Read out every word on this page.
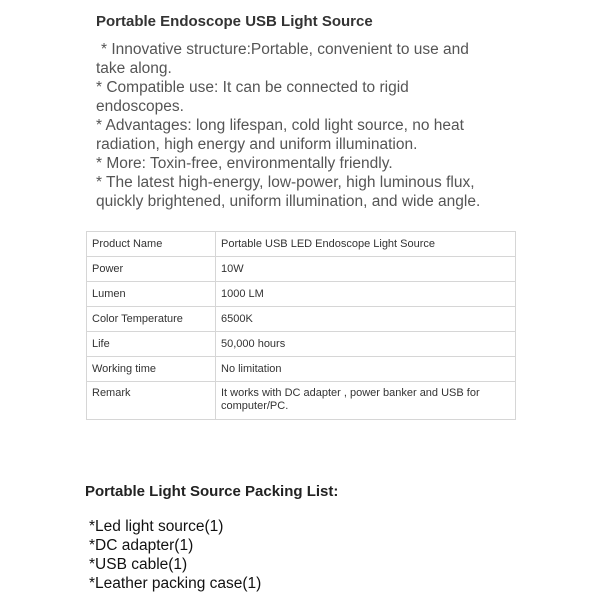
Portable Endoscope USB Light Source
* Innovative structure:Portable, convenient to use and take along.
* Compatible use: It can be connected to rigid endoscopes.
* Advantages: long lifespan, cold light source, no heat radiation, high energy and uniform illumination.
* More: Toxin-free, environmentally friendly.
* The latest high-energy, low-power, high luminous flux, quickly brightened, uniform illumination, and wide angle.
Product Name	Portable USB LED Endoscope Light Source
Power	10W
Lumen	1000 LM
Color Temperature	6500K
Life	50,000 hours
Working time	No limitation
Remark	It works with DC adapter , power banker and USB for computer/PC.
Portable Light Source Packing List:
*Led light source(1)
*DC adapter(1)
*USB cable(1)
*Leather packing case(1)
